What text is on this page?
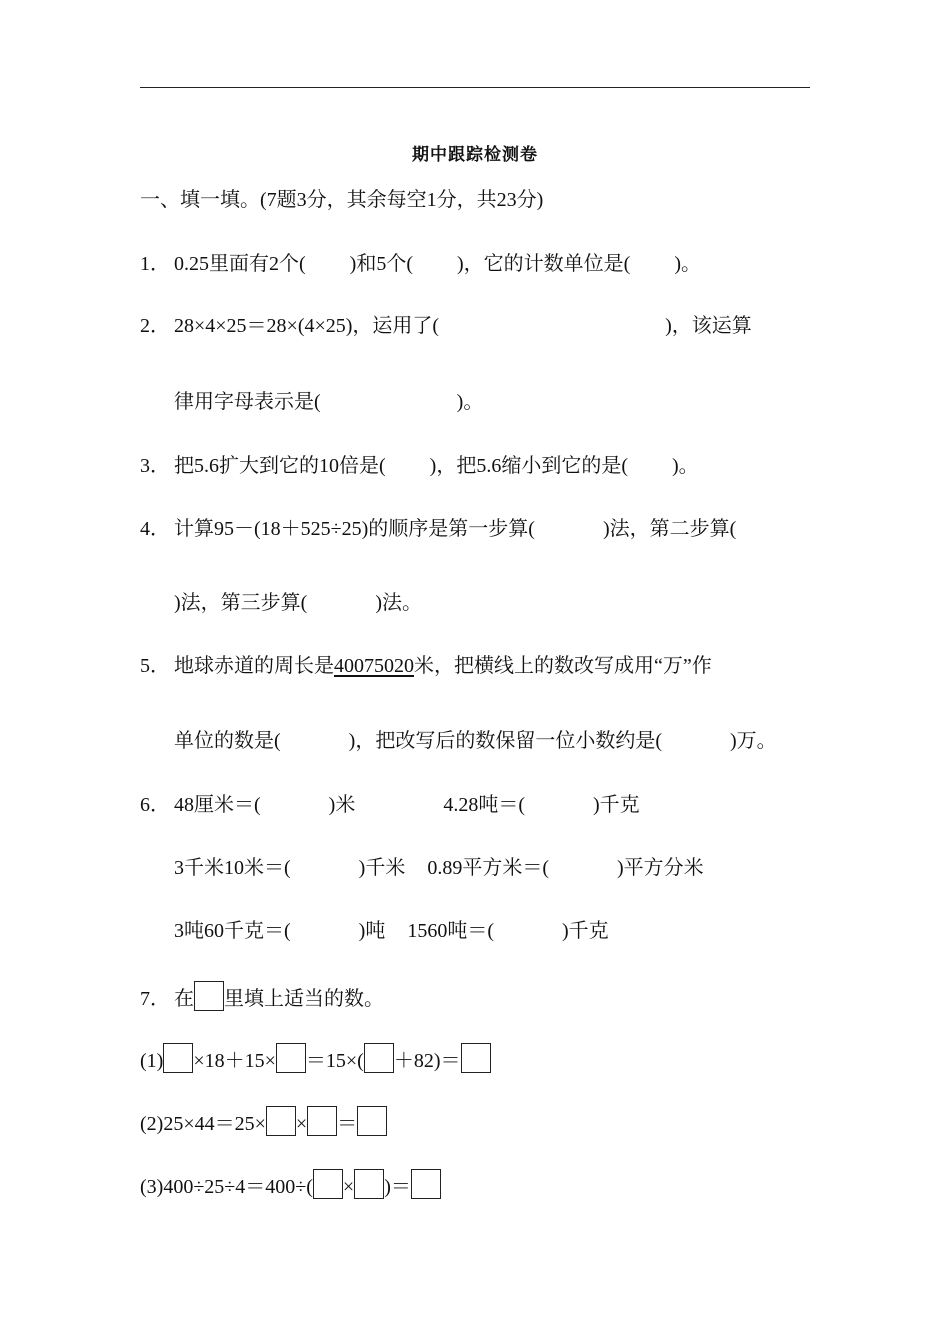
期中跟踪检测卷
一、填一填。(7题3分，其余每空1分，共23分)
1． 0.25里面有2个( )和5个( )，它的计数单位是( )。
2． 28×4×25＝28×(4×25)，运用了(	)，该运算
律用字母表示是(	)。
3． 把5.6扩大到它的10倍是( )，把5.6缩小到它的是( )。
4． 计算95－(18＋525÷25)的顺序是第一步算(	)法，第二步算(
)法，第三步算(	)法。
5． 地球赤道的周长是40075020米，把横线上的数改写成用“万”作
单位的数是(	)，把改写后的数保留一位小数约是(	)万。
6． 48厘米＝(	)米	4.28吨＝(	)千克
3千米10米＝(	)千米 0.89平方米＝(	)平方分米
3吨60千克＝(	)吨 1560吨＝(	)千克
7． 在 里填上适当的数。
(1) ×18＋15× ＝15×( ＋82)＝
(2)25×44＝25× × ＝
(3)400÷25÷4＝400÷( × )＝
